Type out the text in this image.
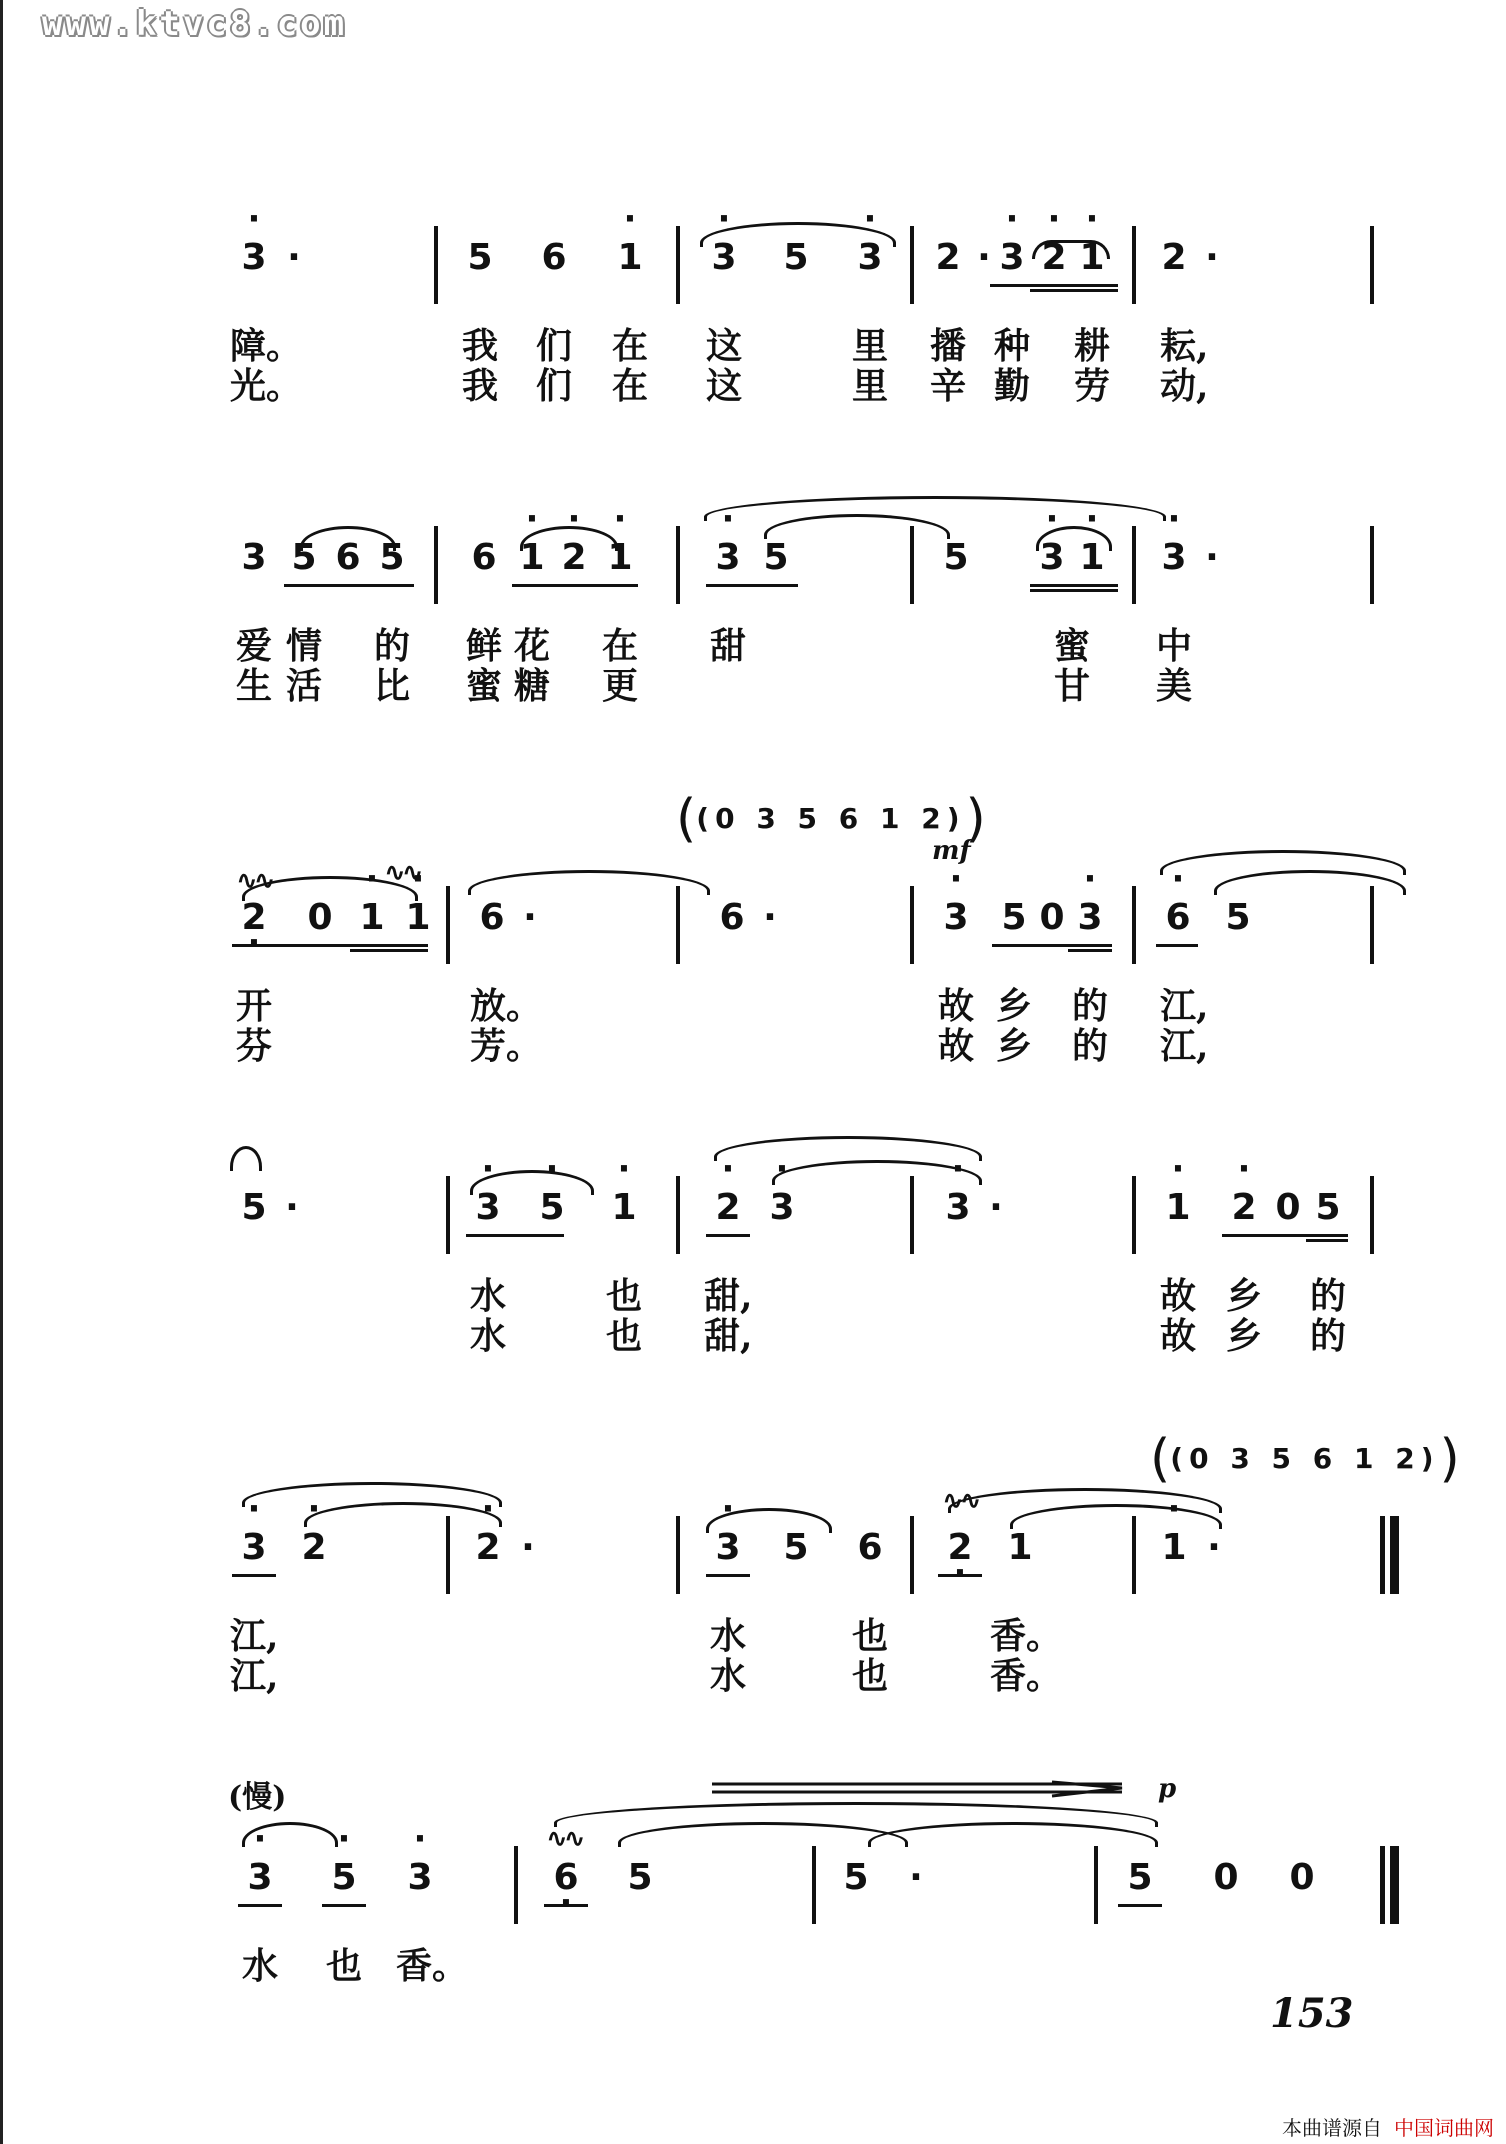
www.ktvc8.com
· 3 ·	5	6	· 1	· 3	5	· 3	2 · · 3 · 2 · 1	2 ·
障。	我 们 在 这	里 播 种 耕 耘,
光。	我 们 在 这	里 辛 勤 劳 动,
3 5 6 5	6 · 1 · 2 · 1	· 3 5	5	· 3 · 1	· 3 ·
爱 情 的 鲜 花 在 甜	蜜 中
生 活 比 蜜 糖 更	甘 美
((0 3 5 6 1 2))
mf
∿∿	∿∿
2 ·	0 · 1 · 1	6 ·	6 ·	· 3 5 0 · 3	· 6 5
开	放。	故 乡 的 江,
芬	芳。	故 乡 的 江,
5 ·	· 3	· 5	· 1	· 2 · 3	· 3 ·	· 1	· 2 0 5
水	也 甜,	故 乡 的
水	也 甜,	故 乡 的
((0 3 5 6 1 2))
· 3 · 2	· 2 ·	· 3	5	6
∿∿
2 · 1	· 1 ·
江,	水	也	香。
江,	水	也	香。
(慢)	p
· 3	· 5	· 3
∿∿
6 ·	5	5	·	5	0	0
水 也 香。
153
本曲谱源自 中国词曲网
